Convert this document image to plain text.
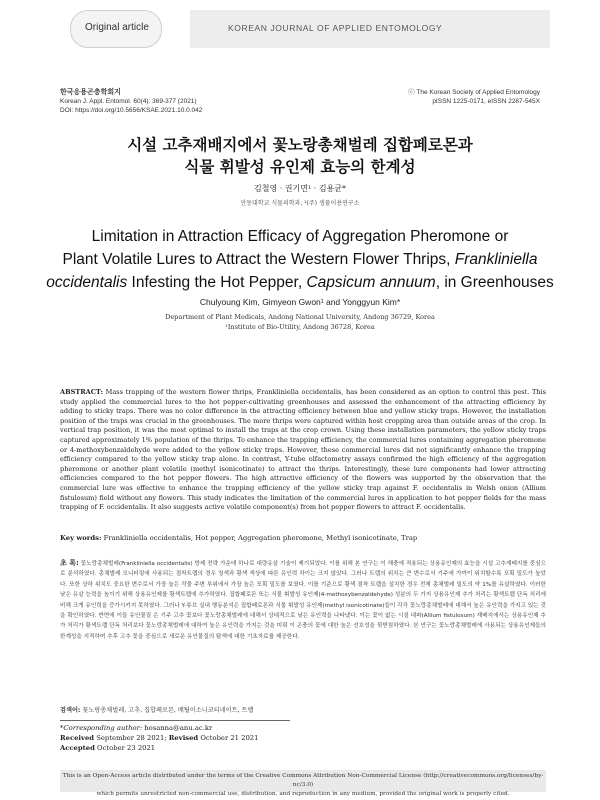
Original article	KOREAN JOURNAL OF APPLIED ENTOMOLOGY
한국응용곤충학회지
Korean J. Appl. Entomol. 60(4): 369-377 (2021)
DOI: https://doi.org/10.5656/KSAE.2021.10.0.042
ⓒ The Korean Society of Applied Entomology
pISSN 1225-0171, eISSN 2287-545X
시설 고추재배지에서 꽃노랑총채벌레 집합페로몬과
식물 휘발성 유인제 효능의 한계성
김철영 · 권기면¹ · 김용균*
안동대학교 식물의학과, ¹(주) 생물이용연구소
Limitation in Attraction Efficacy of Aggregation Pheromone or
Plant Volatile Lures to Attract the Western Flower Thrips, Frankliniella
occidentalis Infesting the Hot Pepper, Capsicum annuum, in Greenhouses
Chulyoung Kim, Gimyeon Gwon¹ and Yonggyun Kim*
Department of Plant Medicals, Andong National University, Andong 36729, Korea
¹Institute of Bio-Utility, Andong 36728, Korea
ABSTRACT: Mass trapping of the western flower thrips, Frankliniella occidentalis, has been considered as an option to control this pest. This study applied the commercial lures to the hot pepper-cultivating greenhouses and assessed the enhancement of the attracting efficiency by adding to sticky traps. There was no color difference in the attracting efficiency between blue and yellow sticky traps. However, the installation position of the traps was crucial in the greenhouses. The more thrips were captured within host cropping area than outside areas of the crop. In vertical trap position, it was the most optimal to install the traps at the crop crown. Using these installation parameters, the yellow sticky traps captured approximately 1% population of the thrips. To enhance the trapping efficiency, the commercial lures containing aggregation pheromone or 4-methoxybenzaldehyde were added to the yellow sticky traps. However, these commercial lures did not significantly enhance the trapping efficiency compared to the yellow sticky trap alone. In contrast, Y-tube olfactometry assays confirmed the high efficiency of the aggregation pheromone or another plant volatile (methyl isonicotinate) to attract the thrips. Interestingly, these lure components had lower attracting efficiencies compared to the hot pepper flowers. The high attractive efficiency of the flowers was supported by the observation that the commercial lure was effective to enhance the trapping efficiency of the yellow sticky trap against F. occidentalis in Welsh onion (Allium fistulosum) field without any flowers. This study indicates the limitation of the commercial lures in application to hot pepper fields for the mass trapping of F. occidentalis. It also suggests active volatile component(s) from hot pepper flowers to attract F. occidentalis.
Key words: Frankliniella occidentalis, Hot pepper, Aggregation pheromone, Methyl isonicotinate, Trap
초 록: 꽃노랑총채벌레(Frankliniella occidentalis) 방제 전략 가운데 하나로 대량유살 기술이 제기되었다. 이를 위해 본 연구는 이 해충에 적용되는 상용유인제의 효능을 시설 고추재배지를 중심으로 분석하였다. 총채벌레 모니터링에 사용되는 점착트랩의 경우 청색과 황색 색상에 따른 유인력 차이는 크지 않았다. 그러나 트랩의 위치는 큰 변수로서 기주에 가까이 위치할수록 포획 밀도가 높았다. 또한 상하 위치도 중요한 변수로서 가장 높은 작물 주변 부위에서 가장 높은 포획 밀도를 보였다. 이를 기준으로 황색 점착 트랩을 설치한 경우 전체 총채벌레 밀도의 약 1%를 유살하였다. 이러한 낮은 유살 능력을 높이기 위해 상용유인제를 황색트랩에 추가하였다. 집합페로몬 또는 식물 휘발성 유인제(4-methoxybenzaldehyde) 성분의 두 가지 상용유인제 추가 처리는 황색트랩 단독 처리에 비해 크게 유인력을 증가시키지 못하였다. 그러나 Y-튜브 실내 행동분석은 집합페로몬과 식물 휘발성 유인제(methyl isonicotinate)들이 각각 꽃노랑총채벌레에 대해서 높은 유인력을 가지고 있는 것을 확인하였다. 반면에 이들 유인물질 은 기주 고추 꽃보다 꽃노랑총채벌레에 대해서 상대적으로 낮은 유인력을 나타냈다. 이는 꽃이 없는 시설 대파(Allium fistulosum) 재배지에서는 상용유인제 추가 처리가 황색트랩 단독 처리보다 꽃노랑총채벌레에 대하여 높은 유인력을 가지는 것을 미뤄 이 곤충의 꽃에 대한 높은 선호성을 뒷받침하였다. 본 연구는 꽃노랑총채벌레에 사용되는 상용유인제들의 한계성을 지적하며 추후 고추 꽃을 중심으로 새로운 유인물질의 탐색에 대한 기초자료를 제공한다.
검색어: 꽃노랑총채벌레, 고추, 집합페로몬, 메틸이소니코티네이트, 트랩
*Corresponding author: hosanna@anu.ac.kr
Received September 28 2021; Revised October 21 2021
Accepted October 23 2021
This is an Open-Access article distributed under the terms of the Creative Commons Attribution Non-Commercial License (http://creativecommons.org/licenses/by-nc/3.0)
which permits unrestricted non-commercial use, distribution, and reproduction in any medium, provided the original work is properly cited.
